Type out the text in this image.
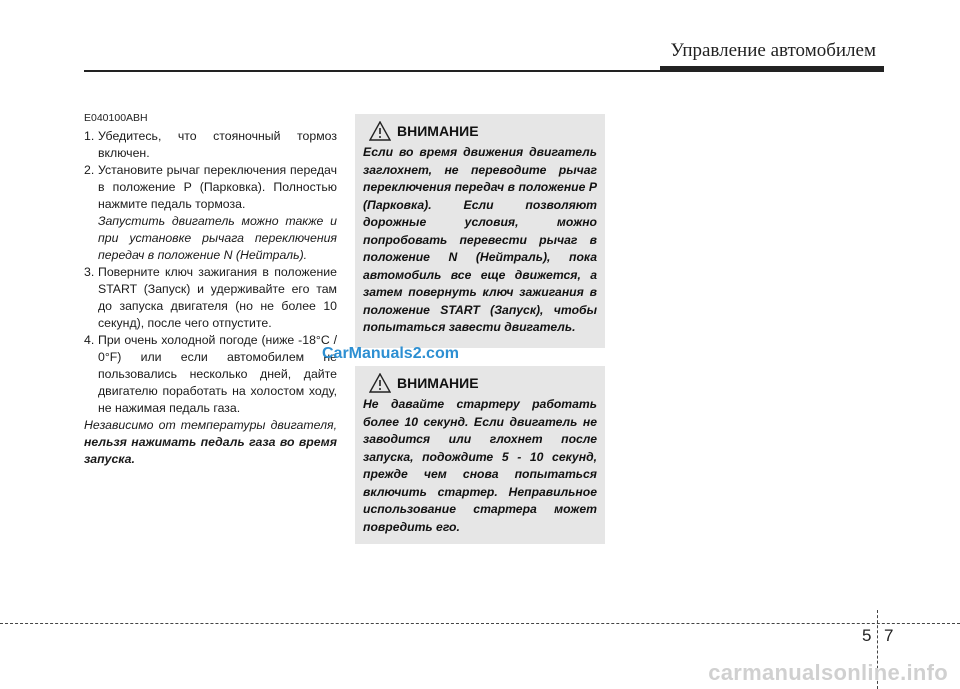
Управление автомобилем
E040100ABH
1. Убедитесь, что стояночный тормоз включен.
2. Установите рычаг переключения передач в положение P (Парковка). Полностью нажмите педаль тормоза.
Запустить двигатель можно также и при установке рычага переключения передач в положение N (Нейтраль).
3. Поверните ключ зажигания в положение START (Запуск) и удерживайте его там до запуска двигателя (но не более 10 секунд), после чего отпустите.
4. При очень холодной погоде (ниже -18°C / 0°F) или если автомобилем не пользовались несколько дней, дайте двигателю поработать на холостом ходу, не нажимая педаль газа.
Независимо от температуры двигателя, нельзя нажимать педаль газа во время запуска.
ВНИМАНИЕ
Если во время движения двигатель заглохнет, не переводите рычаг переключения передач в положение P (Парковка). Если позволяют дорожные условия, можно попробовать перевести рычаг в положение N (Нейтраль), пока автомобиль все еще движется, а затем повернуть ключ зажигания в положение START (Запуск), чтобы попытаться завести двигатель.
ВНИМАНИЕ
Не давайте стартеру работать более 10 секунд. Если двигатель не заводится или глохнет после запуска, подождите 5 - 10 секунд, прежде чем снова попытаться включить стартер. Неправильное использование стартера может повредить его.
CarManuals2.com
5 7
carmanualsonline.info
